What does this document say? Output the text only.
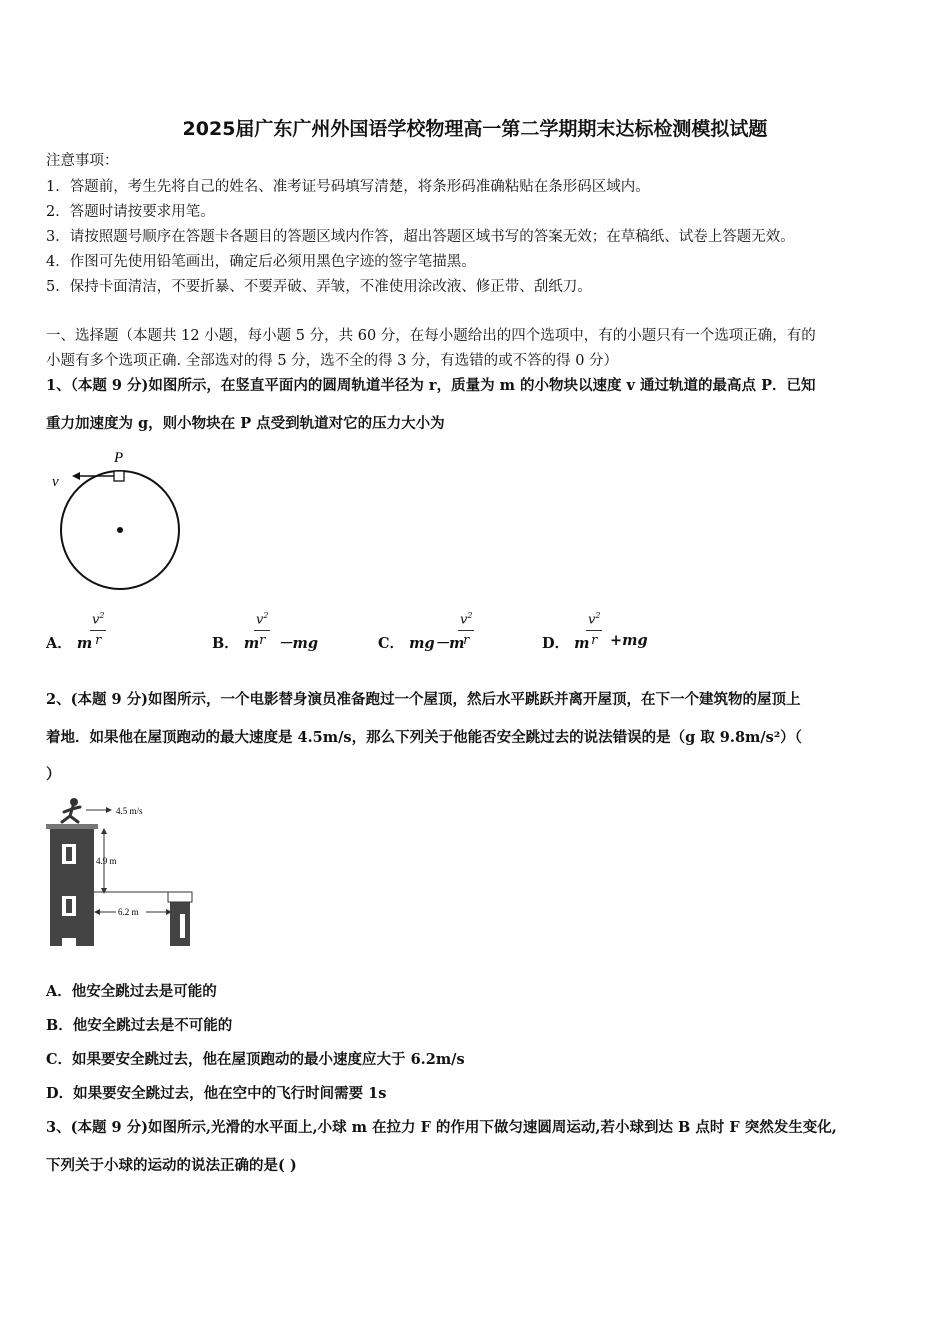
2025届广东广州外国语学校物理高一第二学期期末达标检测模拟试题
注意事项：
1．答题前，考生先将自己的姓名、准考证号码填写清楚，将条形码准确粘贴在条形码区域内。
2．答题时请按要求用笔。
3．请按照题号顺序在答题卡各题目的答题区域内作答，超出答题区域书写的答案无效；在草稿纸、试卷上答题无效。
4．作图可先使用铅笔画出，确定后必须用黑色字迹的签字笔描黑。
5．保持卡面清洁，不要折暴、不要弄破、弄皱，不准使用涂改液、修正带、刮纸刀。
一、选择题（本题共 12 小题，每小题 5 分，共 60 分，在每小题给出的四个选项中，有的小题只有一个选项正确，有的
小题有多个选项正确. 全部选对的得 5 分，选不全的得 3 分，有选错的或不答的得 0 分）
1、（本题 9 分)如图所示，在竖直平面内的圆周轨道半径为 r，质量为 m 的小物块以速度 v 通过轨道的最高点 P．已知
重力加速度为 g，则小物块在 P 点受到轨道对它的压力大小为
P
v
A． m
$\frac{v^2}{r}$	B． m
$\frac{v^2}{r} -mg$	C． mg－m
$\frac{v^2}{r}$	D． m
$\frac{v^2}{r} +mg$
2、(本题 9 分)如图所示，一个电影替身演员准备跑过一个屋顶，然后水平跳跃并离开屋顶，在下一个建筑物的屋顶上
着地．如果他在屋顶跑动的最大速度是 4.5m/s，那么下列关于他能否安全跳过去的说法错误的是（g 取 9.8m/s²）（
）
4.5 m/s
4.9 m
6.2 m
A．他安全跳过去是可能的
B．他安全跳过去是不可能的
C．如果要安全跳过去，他在屋顶跑动的最小速度应大于 6.2m/s
D．如果要安全跳过去，他在空中的飞行时间需要 1s
3、(本题 9 分)如图所示,光滑的水平面上,小球 m 在拉力 F 的作用下做匀速圆周运动,若小球到达 B 点时 F 突然发生变化,
下列关于小球的运动的说法正确的是( )
